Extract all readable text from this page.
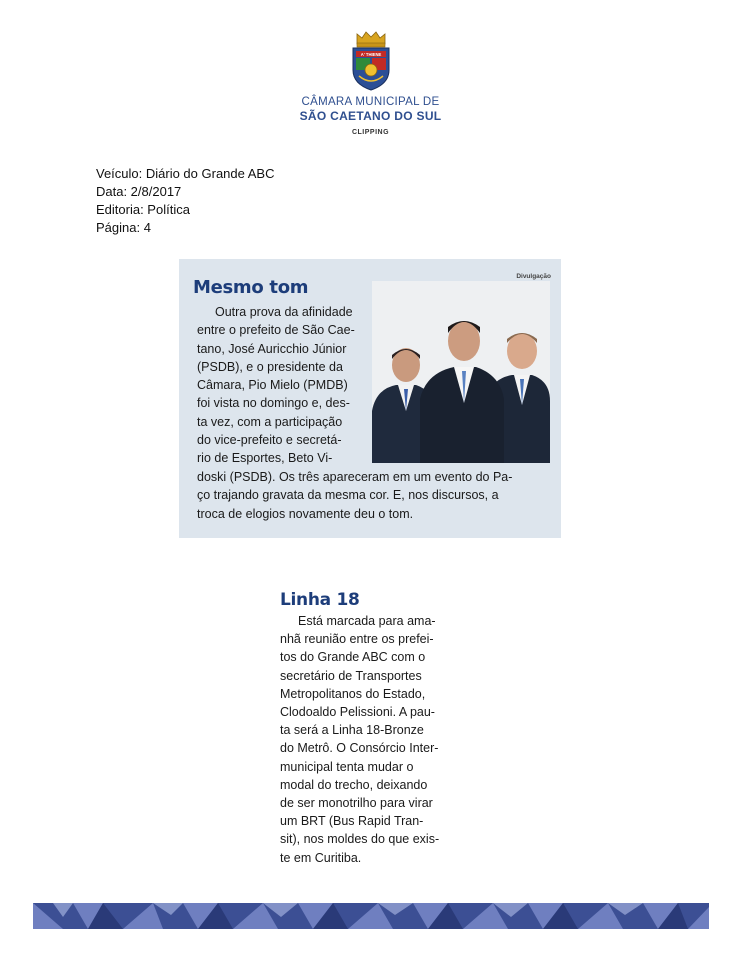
A' THIENE
CÂMARA MUNICIPAL DE
SÃO CAETANO DO SUL
CLIPPING
Veículo: Diário do Grande ABC
Data: 2/8/2017
Editoria: Política
Página: 4
Mesmo tom
Divulgação
Outra prova da afinidade
entre o prefeito de São Cae-
tano, José Auricchio Júnior
(PSDB), e o presidente da
Câmara, Pio Mielo (PMDB)
foi vista no domingo e, des-
ta vez, com a participação
do vice-prefeito e secretá-
rio de Esportes, Beto Vi-
doski (PSDB). Os três apareceram em um evento do Pa-
ço trajando gravata da mesma cor. E, nos discursos, a
troca de elogios novamente deu o tom.
Linha 18
Está marcada para ama-
nhã reunião entre os prefei-
tos do Grande ABC com o
secretário de Transportes
Metropolitanos do Estado,
Clodoaldo Pelissioni. A pau-
ta será a Linha 18-Bronze
do Metrô. O Consórcio Inter-
municipal tenta mudar o
modal do trecho, deixando
de ser monotrilho para virar
um BRT (Bus Rapid Tran-
sit), nos moldes do que exis-
te em Curitiba.
